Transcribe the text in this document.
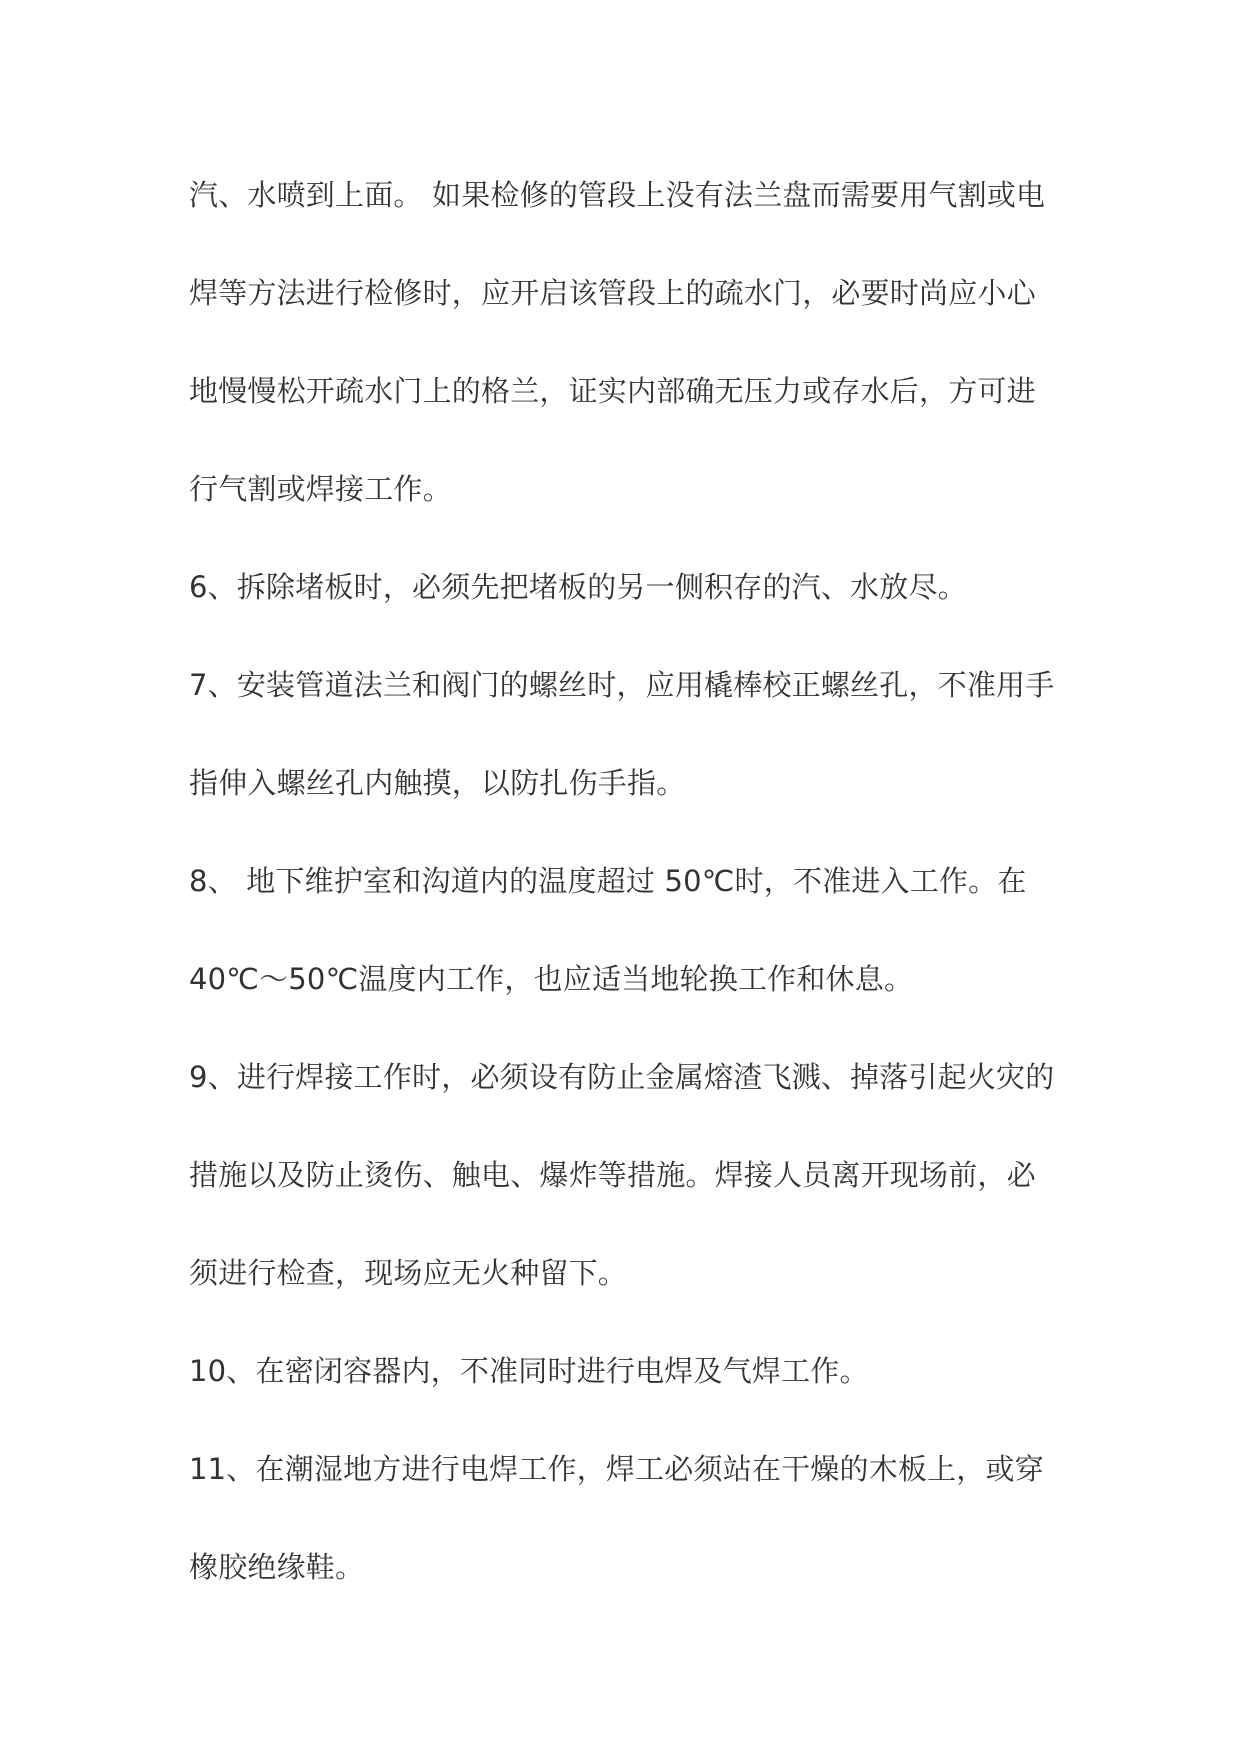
汽、水喷到上面。 如果检修的管段上没有法兰盘而需要用气割或电
焊等方法进行检修时，应开启该管段上的疏水门，必要时尚应小心
地慢慢松开疏水门上的格兰，证实内部确无压力或存水后，方可进
行气割或焊接工作。
6、拆除堵板时，必须先把堵板的另一侧积存的汽、水放尽。
7、安装管道法兰和阀门的螺丝时，应用橇棒校正螺丝孔，不准用手
指伸入螺丝孔内触摸，以防扎伤手指。
8、 地下维护室和沟道内的温度超过 50℃时，不准进入工作。在
40℃～50℃温度内工作，也应适当地轮换工作和休息。
9、进行焊接工作时，必须设有防止金属熔渣飞溅、掉落引起火灾的
措施以及防止烫伤、触电、爆炸等措施。焊接人员离开现场前，必
须进行检查，现场应无火种留下。
10、在密闭容器内，不准同时进行电焊及气焊工作。
11、在潮湿地方进行电焊工作，焊工必须站在干燥的木板上，或穿
橡胶绝缘鞋。
